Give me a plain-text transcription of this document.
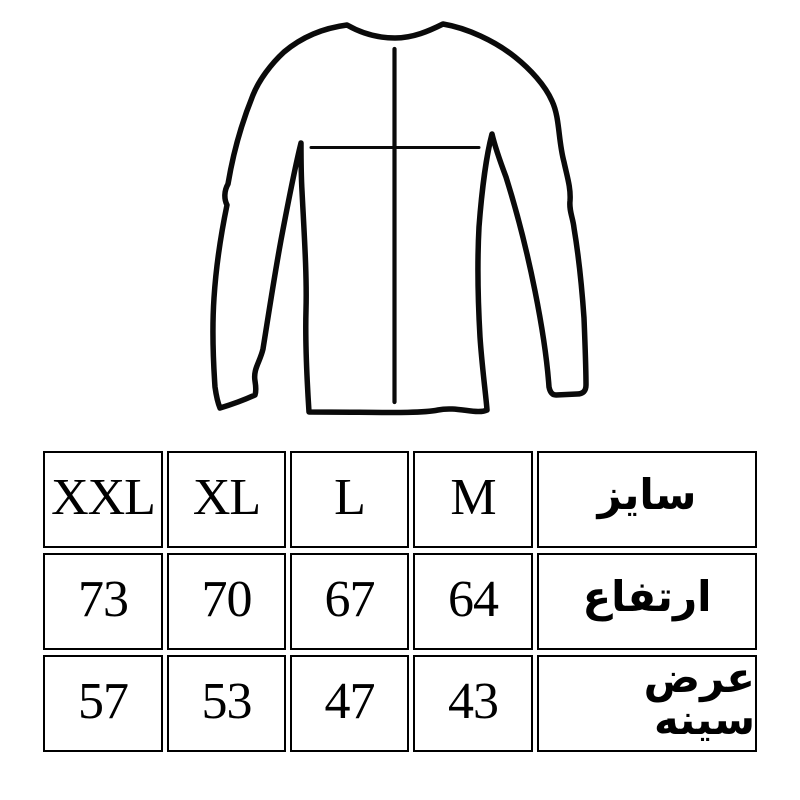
XXL XL	L	M	سایز
73	70	67	64	ارتفاع
57	53	47	43	عرض سینه
